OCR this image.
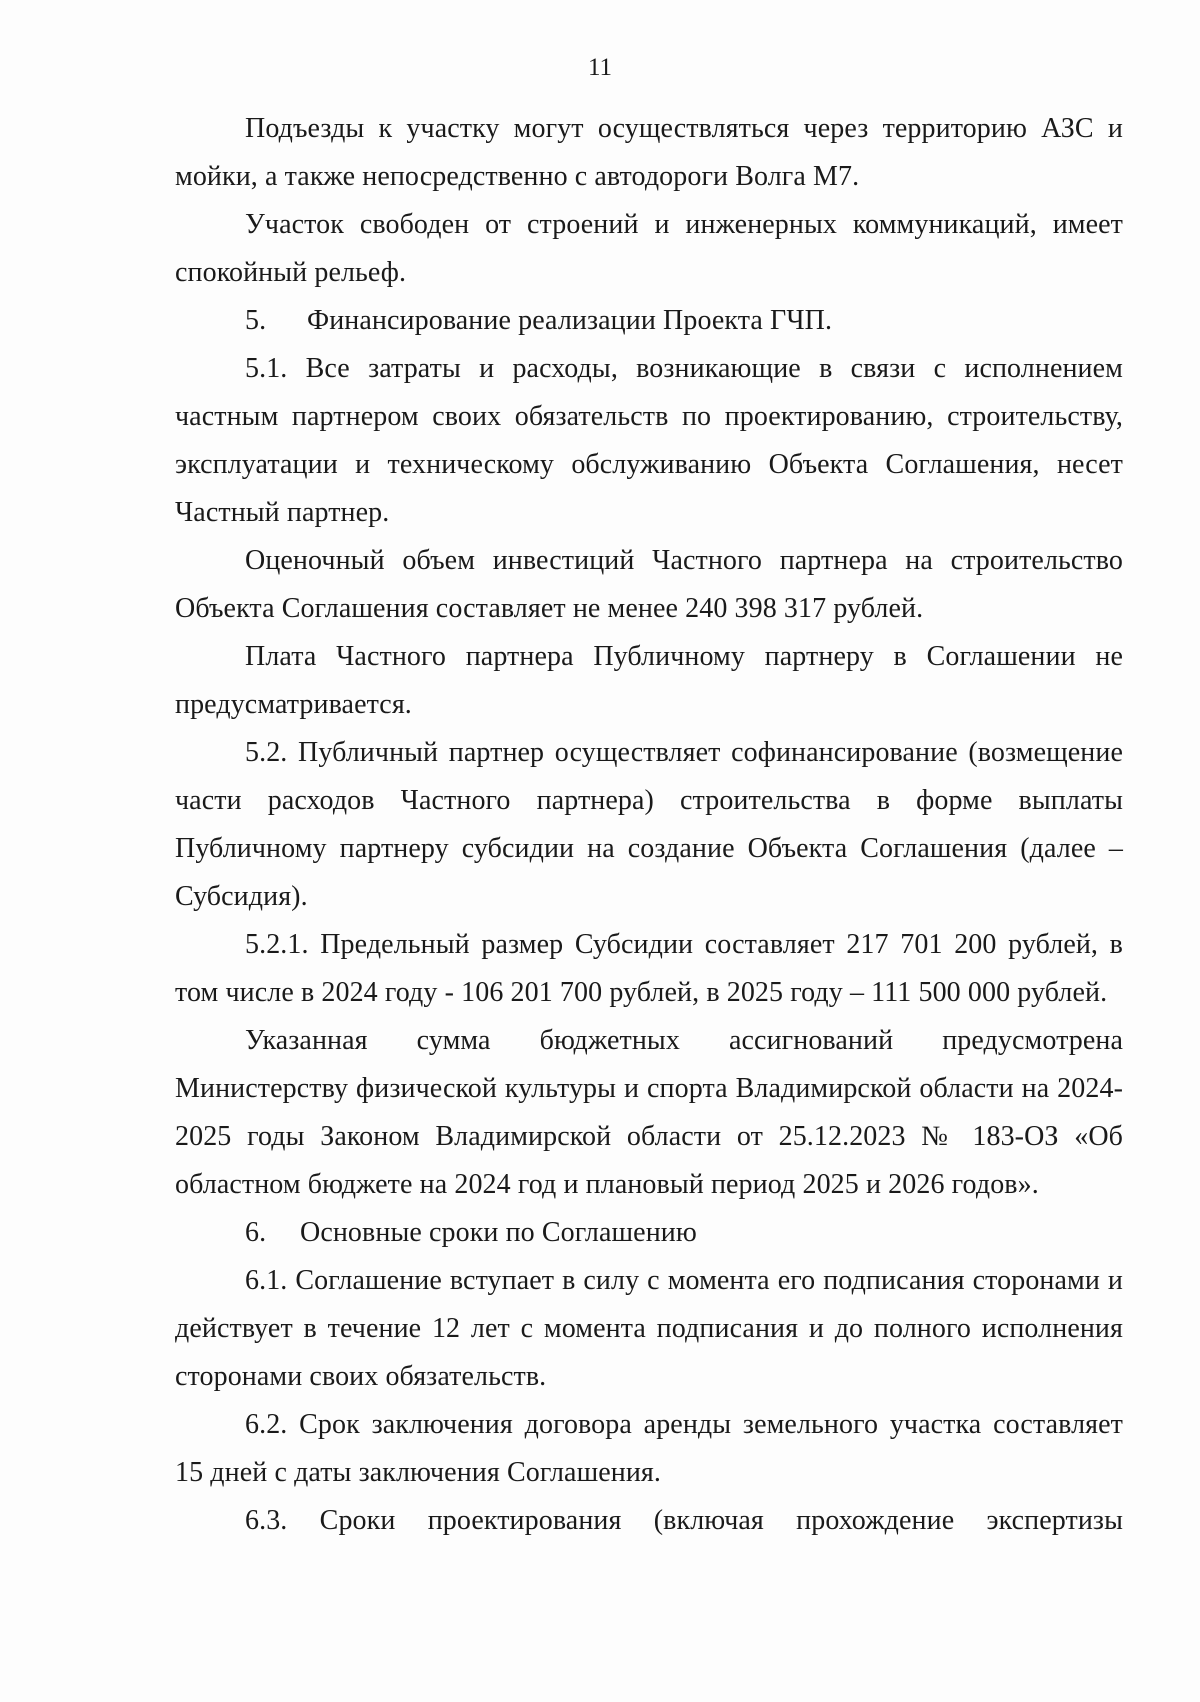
11

Подъезды к участку могут осуществляться через территорию АЗС и мойки, а также непосредственно с автодороги Волга М7.

Участок свободен от строений и инженерных коммуникаций, имеет спокойный рельеф.

5. Финансирование реализации Проекта ГЧП.

5.1. Все затраты и расходы, возникающие в связи с исполнением частным партнером своих обязательств по проектированию, строительству, эксплуатации и техническому обслуживанию Объекта Соглашения, несет Частный партнер.

Оценочный объем инвестиций Частного партнера на строительство Объекта Соглашения составляет не менее 240 398 317 рублей.

Плата Частного партнера Публичному партнеру в Соглашении не предусматривается.

5.2. Публичный партнер осуществляет софинансирование (возмещение части расходов Частного партнера) строительства в форме выплаты Публичному партнеру субсидии на создание Объекта Соглашения (далее – Субсидия).

5.2.1. Предельный размер Субсидии составляет 217 701 200 рублей, в том числе в 2024 году - 106 201 700 рублей, в 2025 году – 111 500 000 рублей.

Указанная сумма бюджетных ассигнований предусмотрена Министерству физической культуры и спорта Владимирской области на 2024-2025 годы Законом Владимирской области от 25.12.2023 № 183-ОЗ «Об областном бюджете на 2024 год и плановый период 2025 и 2026 годов».

6. Основные сроки по Соглашению

6.1. Соглашение вступает в силу с момента его подписания сторонами и действует в течение 12 лет с момента подписания и до полного исполнения сторонами своих обязательств.

6.2. Срок заключения договора аренды земельного участка составляет 15 дней с даты заключения Соглашения.

6.3. Сроки проектирования (включая прохождение экспертизы
